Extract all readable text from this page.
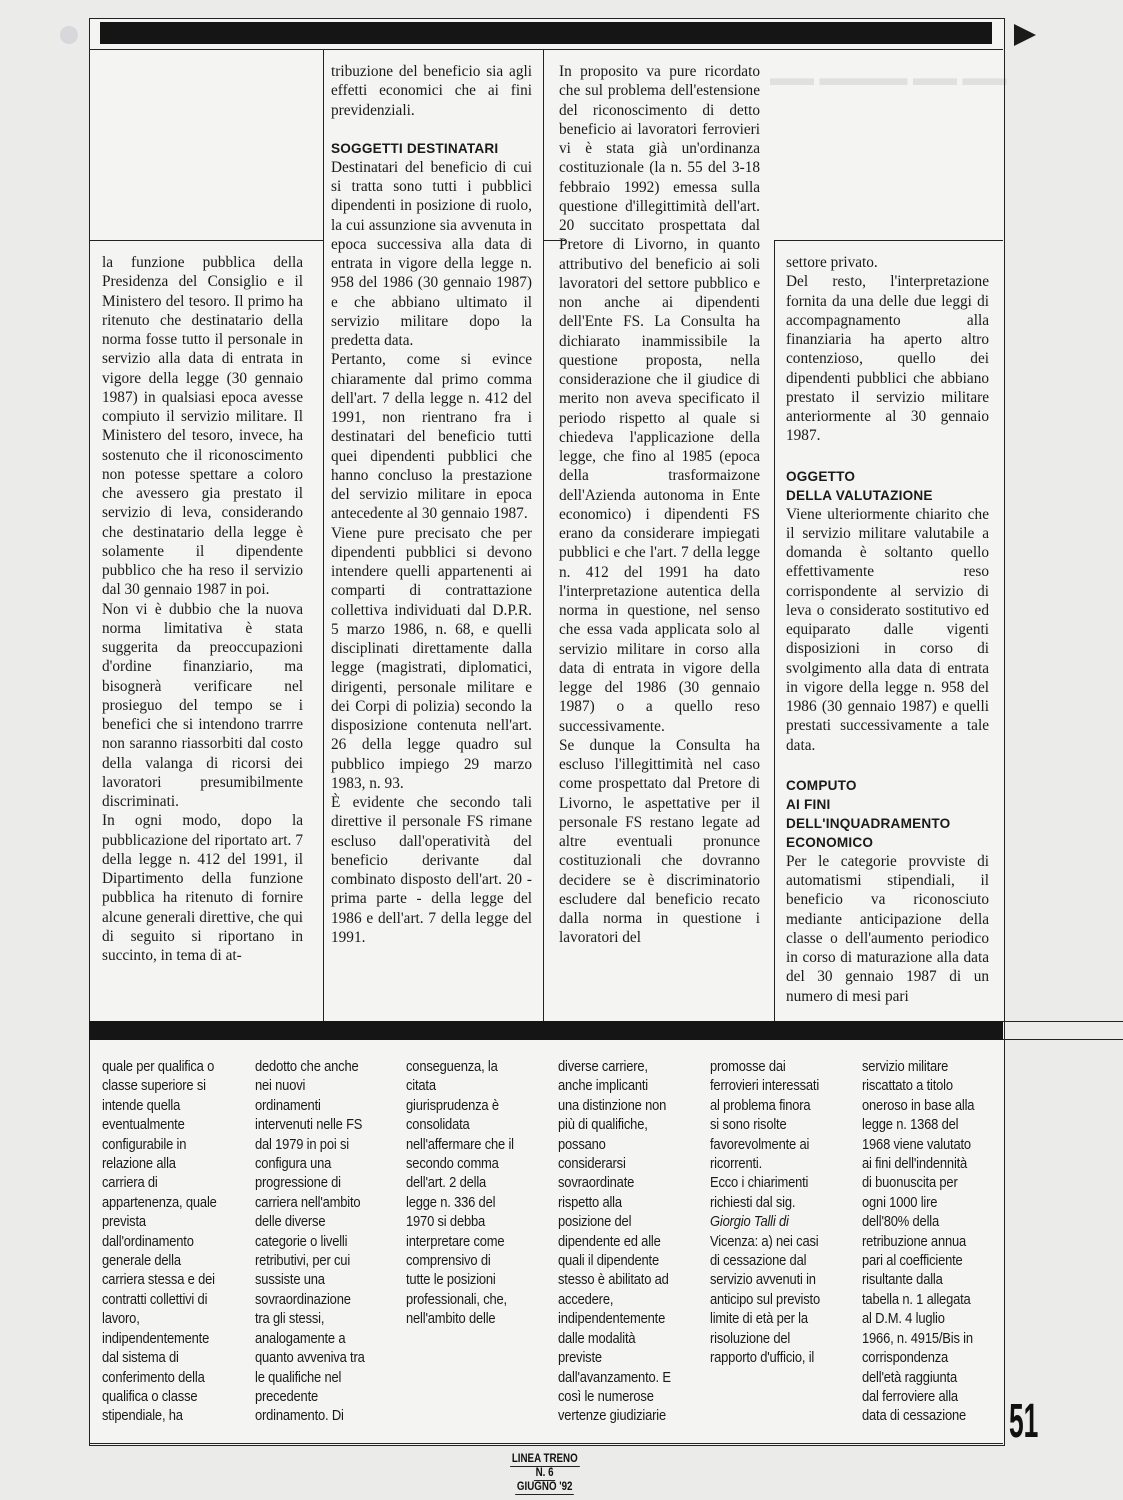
▬▬ ▬▬▬▬ ▬▬ ▬▬

la funzione pubblica della Presidenza del Consiglio e il Ministero del tesoro. Il primo ha ritenuto che destinatario della norma fosse tutto il personale in servizio alla data di entrata in vigore della legge (30 gennaio 1987) in qualsiasi epoca avesse compiuto il servizio militare. Il Ministero del tesoro, invece, ha sostenuto che il riconoscimento non potesse spettare a coloro che avessero gia prestato il servizio di leva, considerando che destinatario della legge è solamente il dipendente pubblico che ha reso il servizio dal 30 gennaio 1987 in poi.

Non vi è dubbio che la nuova norma limitativa è stata suggerita da preoccupazioni d'ordine finanziario, ma bisognerà verificare nel prosieguo del tempo se i benefici che si intendono trarrre non saranno riassorbiti dal costo della valanga di ricorsi dei lavoratori presumibilmente discriminati.

In ogni modo, dopo la pubblicazione del riportato art. 7 della legge n. 412 del 1991, il Dipartimento della funzione pubblica ha ritenuto di fornire alcune generali direttive, che qui di seguito si riportano in succinto, in tema di at-

tribuzione del beneficio sia agli effetti economici che ai fini previdenziali.

SOGGETTI DESTINATARI

Destinatari del beneficio di cui si tratta sono tutti i pubblici dipendenti in posizione di ruolo, la cui assunzione sia avvenuta in epoca successiva alla data di entrata in vigore della legge n. 958 del 1986 (30 gennaio 1987) e che abbiano ultimato il servizio militare dopo la predetta data.

Pertanto, come si evince chiaramente dal primo comma dell'art. 7 della legge n. 412 del 1991, non rientrano fra i destinatari del beneficio tutti quei dipendenti pubblici che hanno concluso la prestazione del servizio militare in epoca antecedente al 30 gennaio 1987.

Viene pure precisato che per dipendenti pubblici si devono intendere quelli appartenenti ai comparti di contrattazione collettiva individuati dal D.P.R. 5 marzo 1986, n. 68, e quelli disciplinati direttamente dalla legge (magistrati, diplomatici, dirigenti, personale militare e dei Corpi di polizia) secondo la disposizione contenuta nell'art. 26 della legge quadro sul pubblico impiego 29 marzo 1983, n. 93.

È evidente che secondo tali direttive il personale FS rimane escluso dall'operatività del beneficio derivante dal combinato disposto dell'art. 20 - prima parte - della legge del 1986 e dell'art. 7 della legge del 1991.

In proposito va pure ricordato che sul problema dell'estensione del riconoscimento di detto beneficio ai lavoratori ferrovieri vi è stata già un'ordinanza costituzionale (la n. 55 del 3-18 febbraio 1992) emessa sulla questione d'illegittimità dell'art. 20 succitato prospettata dal Pretore di Livorno, in quanto attributivo del beneficio ai soli lavoratori del settore pubblico e non anche ai dipendenti dell'Ente FS. La Consulta ha dichiarato inammissibile la questione proposta, nella considerazione che il giudice di merito non aveva specificato il periodo rispetto al quale si chiedeva l'applicazione della legge, che fino al 1985 (epoca della trasformaizone dell'Azienda autonoma in Ente economico) i dipendenti FS erano da considerare impiegati pubblici e che l'art. 7 della legge n. 412 del 1991 ha dato l'interpretazione autentica della norma in questione, nel senso che essa vada applicata solo al servizio militare in corso alla data di entrata in vigore della legge del 1986 (30 gennaio 1987) o a quello reso successivamente.

Se dunque la Consulta ha escluso l'illegittimità nel caso come prospettato dal Pretore di Livorno, le aspettative per il personale FS restano legate ad altre eventuali pronunce costituzionali che dovranno decidere se è discriminatorio escludere dal beneficio recato dalla norma in questione i lavoratori del

settore privato.

Del resto, l'interpretazione fornita da una delle due leggi di accompagnamento alla finanziaria ha aperto altro contenzioso, quello dei dipendenti pubblici che abbiano prestato il servizio militare anteriormente al 30 gennaio 1987.

OGGETTO
DELLA VALUTAZIONE

Viene ulteriormente chiarito che il servizio militare valutabile a domanda è soltanto quello effettivamente reso corrispondente al servizio di leva o considerato sostitutivo ed equiparato dalle vigenti disposizioni in corso di svolgimento alla data di entrata in vigore della legge n. 958 del 1986 (30 gennaio 1987) e quelli prestati successivamente a tale data.

COMPUTO
AI FINI
DELL'INQUADRAMENTO
ECONOMICO

Per le categorie provviste di automatismi stipendiali, il beneficio va riconosciuto mediante anticipazione della classe o dell'aumento periodico in corso di maturazione alla data del 30 gennaio 1987 di un numero di mesi pari

quale per qualifica o

classe superiore si

intende quella

eventualmente

configurabile in

relazione alla

carriera di

appartenenza, quale

prevista

dall'ordinamento

generale della

carriera stessa e dei

contratti collettivi di

lavoro,

indipendentemente

dal sistema di

conferimento della

qualifica o classe

stipendiale, ha

dedotto che anche

nei nuovi

ordinamenti

intervenuti nelle FS

dal 1979 in poi si

configura una

progressione di

carriera nell'ambito

delle diverse

categorie o livelli

retributivi, per cui

sussiste una

sovraordinazione

tra gli stessi,

analogamente a

quanto avveniva tra

le qualifiche nel

precedente

ordinamento. Di

conseguenza, la

citata

giurisprudenza è

consolidata

nell'affermare che il

secondo comma

dell'art. 2 della

legge n. 336 del

1970 si debba

interpretare come

comprensivo di

tutte le posizioni

professionali, che,

nell'ambito delle

diverse carriere,

anche implicanti

una distinzione non

più di qualifiche,

possano

considerarsi

sovraordinate

rispetto alla

posizione del

dipendente ed alle

quali il dipendente

stesso è abilitato ad

accedere,

indipendentemente

dalle modalità

previste

dall'avanzamento. E

così le numerose

vertenze giudiziarie

promosse dai

ferrovieri interessati

al problema finora

si sono risolte

favorevolmente ai

ricorrenti.

Ecco i chiarimenti

richiesti dal sig.

Giorgio Talli di

Vicenza: a) nei casi

di cessazione dal

servizio avvenuti in

anticipo sul previsto

limite di età per la

risoluzione del

rapporto d'ufficio, il

servizio militare

riscattato a titolo

oneroso in base alla

legge n. 1368 del

1968 viene valutato

ai fini dell'indennità

di buonuscita per

ogni 1000 lire

dell'80% della

retribuzione annua

pari al coefficiente

risultante dalla

tabella n. 1 allegata

al D.M. 4 luglio

1966, n. 4915/Bis in

corrispondenza

dell'età raggiunta

dal ferroviere alla

data di cessazione 51
LINEA TRENO
N. 6
GIUGNO '92
